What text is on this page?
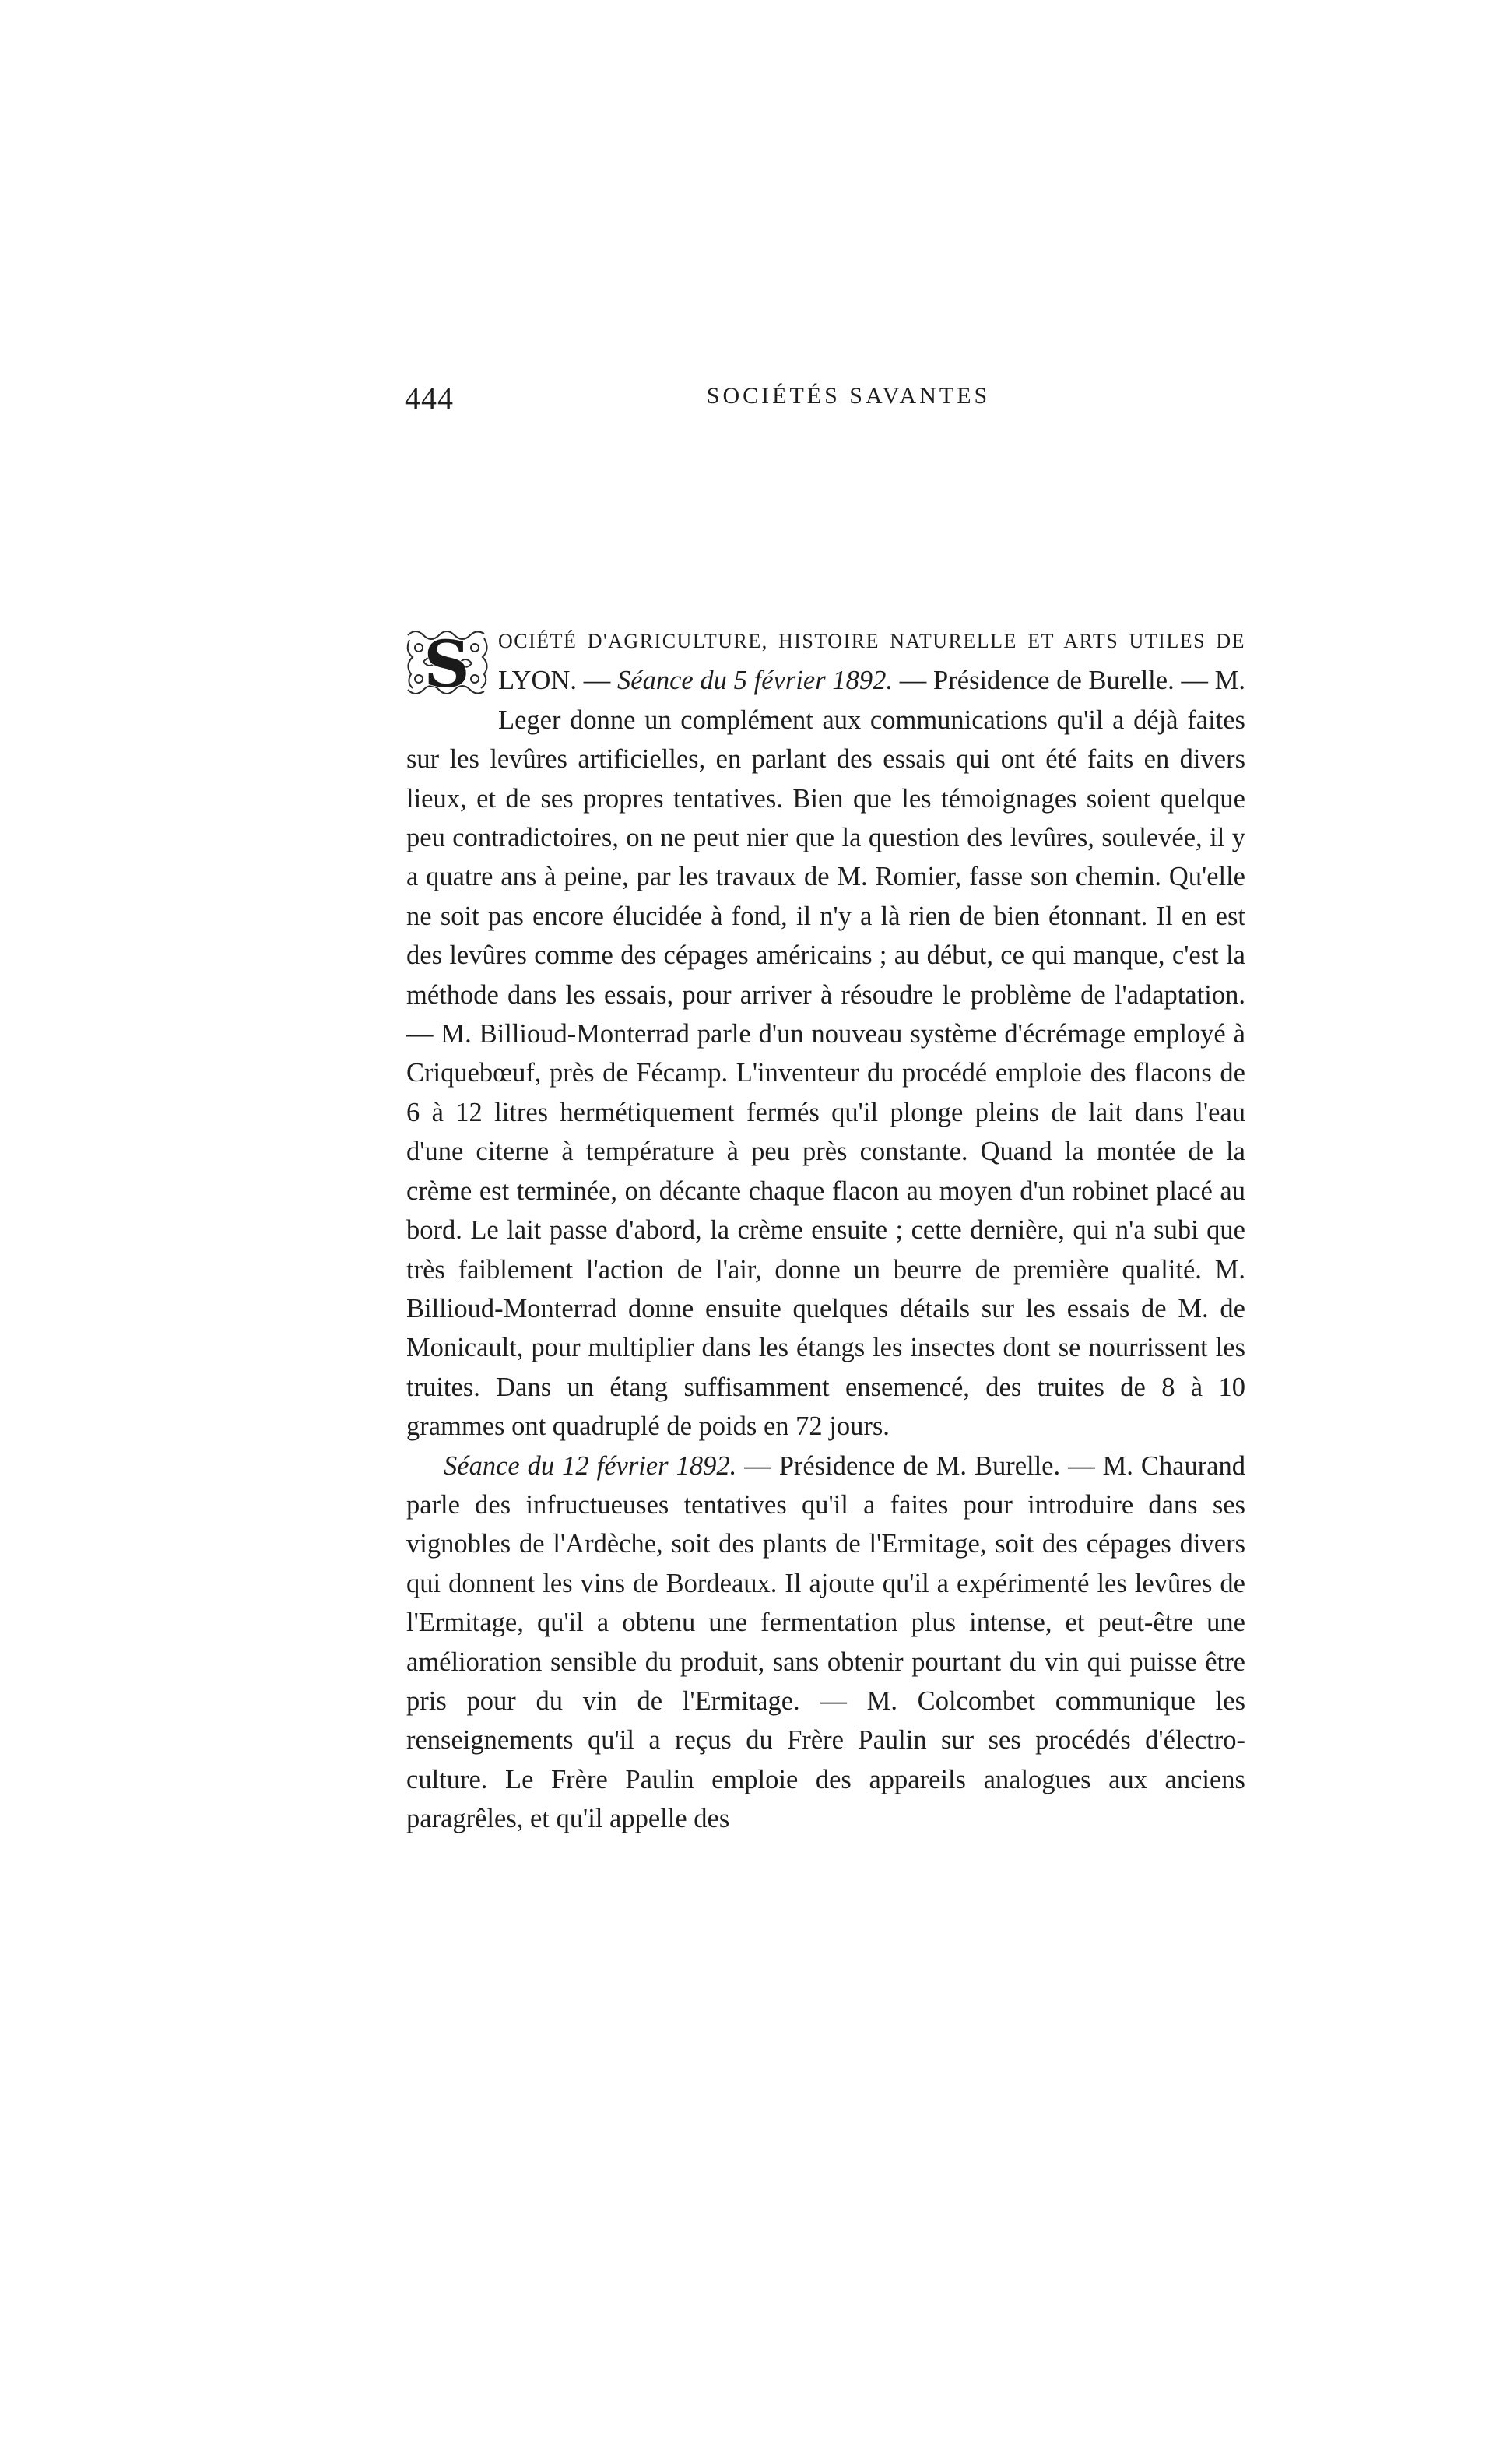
444	SOCIÉTÉS SAVANTES

S OCIÉTÉ D'AGRICULTURE, HISTOIRE NATURELLE ET ARTS UTILES DE LYON. — Séance du 5 février 1892. — Présidence de Burelle. — M. Leger donne un complément aux communications qu'il a déjà faites sur les levûres artificielles, en parlant des essais qui ont été faits en divers lieux, et de ses propres tentatives. Bien que les témoignages soient quelque peu contradictoires, on ne peut nier que la question des levûres, soulevée, il y a quatre ans à peine, par les travaux de M. Romier, fasse son chemin. Qu'elle ne soit pas encore élucidée à fond, il n'y a là rien de bien étonnant. Il en est des levûres comme des cépages américains ; au début, ce qui manque, c'est la méthode dans les essais, pour arriver à résoudre le problème de l'adaptation. — M. Billioud-Monterrad parle d'un nouveau système d'écrémage employé à Criquebœuf, près de Fécamp. L'inventeur du procédé emploie des flacons de 6 à 12 litres hermétiquement fermés qu'il plonge pleins de lait dans l'eau d'une citerne à température à peu près constante. Quand la montée de la crème est terminée, on décante chaque flacon au moyen d'un robinet placé au bord. Le lait passe d'abord, la crème ensuite ; cette dernière, qui n'a subi que très faiblement l'action de l'air, donne un beurre de première qualité. M. Billioud-Monterrad donne ensuite quelques détails sur les essais de M. de Monicault, pour multiplier dans les étangs les insectes dont se nourrissent les truites. Dans un étang suffisamment ensemencé, des truites de 8 à 10 grammes ont quadruplé de poids en 72 jours.

Séance du 12 février 1892. — Présidence de M. Burelle. — M. Chaurand parle des infructueuses tentatives qu'il a faites pour introduire dans ses vignobles de l'Ardèche, soit des plants de l'Ermitage, soit des cépages divers qui donnent les vins de Bordeaux. Il ajoute qu'il a expérimenté les levûres de l'Ermitage, qu'il a obtenu une fermentation plus intense, et peut-être une amélioration sensible du produit, sans obtenir pourtant du vin qui puisse être pris pour du vin de l'Ermitage. — M. Colcombet communique les renseignements qu'il a reçus du Frère Paulin sur ses procédés d'électro-culture. Le Frère Paulin emploie des appareils analogues aux anciens paragrêles, et qu'il appelle des
